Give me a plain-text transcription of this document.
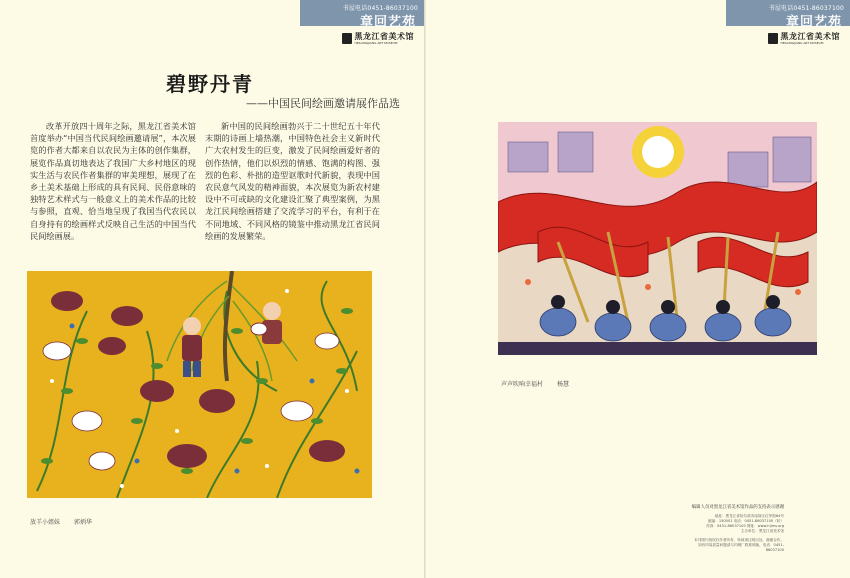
书屋电话0451-86037100
章回艺苑
黑龙江省美术馆
HEILONGJIANG ART MUSEUM
碧野丹青
——中国民间绘画邀请展作品选

改革开放四十周年之际，黑龙江省美术馆首度举办“中国当代民间绘画邀请展”，本次展览的作者大都来自以农民为主体的创作集群，展览作品真切地表达了我国广大乡村地区的现实生活与农民作者集群的审美理想，展现了在乡土美术基础上形成的具有民间、民俗意味的独特艺术样式与一般意义上的美术作品的比较与参照，直观、恰当地呈现了我国当代农民以自身持有的绘画样式反映自己生活的中国当代民间绘画展。

新中国的民间绘画勃兴于二十世纪五十年代末期的诗画上墙热潮，中国特色社会主义新时代广大农村发生的巨变，激发了民间绘画爱好者的创作热情，他们以炽烈的情感、饱满的构图、强烈的色彩、朴拙的造型讴歌时代新貌，表现中国农民意气风发的精神面貌，本次展览为新农村建设中不可或缺的文化建设汇聚了典型案例，为黑龙江民间绘画搭建了交流学习的平台，有利于在不同地域、不同风格的镜鉴中推动黑龙江省民间绘画的发展繁荣。

放羊小姐妹 郭炳华
书屋电话0451-86037100
章回艺苑
黑龙江省美术馆
HEILONGJIANG ART MUSEUM
声声吹响幸福村 杨慧

编辑人员对黑龙江省美术馆作品的支持表示感谢

地址：黑龙江省哈尔滨市南岗区红军街64号

邮编：150001 电话：0451-86037100（转）

传真：0451-86037100 网址：www.hljms.org

主办单位：黑龙江省美术馆

本刊图片版权归作者所有，转载请注明出处，谢谢合作。

如有印装质量问题请与印刷厂联系调换，电话：0451-86037100
